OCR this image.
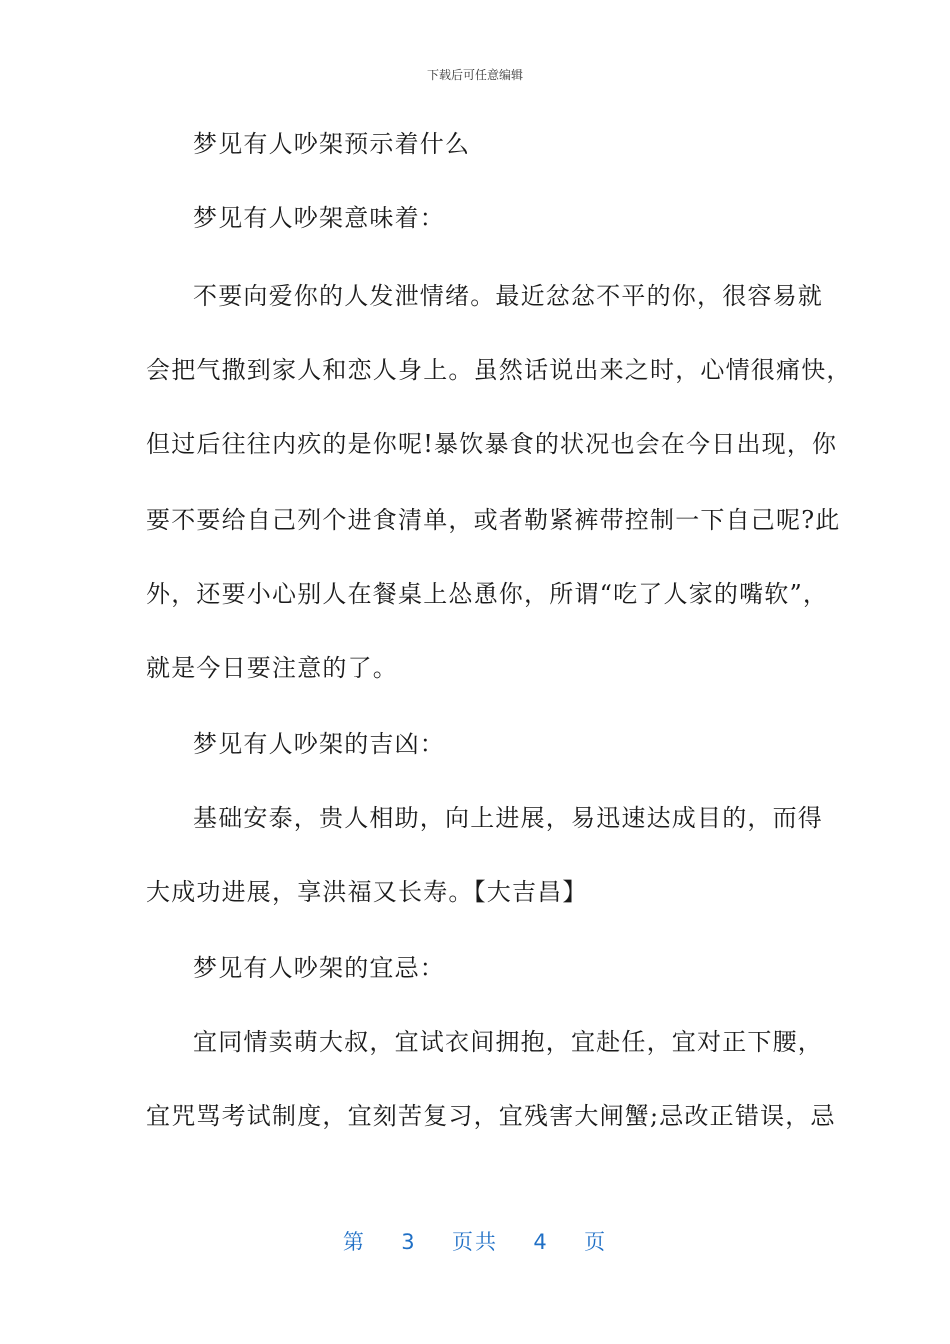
下载后可任意编辑
梦见有人吵架预示着什么
梦见有人吵架意味着：
不要向爱你的人发泄情绪。最近忿忿不平的你，很容易就
会把气撒到家人和恋人身上。虽然话说出来之时，心情很痛快，
但过后往往内疚的是你呢!暴饮暴食的状况也会在今日出现，你
要不要给自己列个进食清单，或者勒紧裤带控制一下自己呢?此
外，还要小心别人在餐桌上怂恿你，所谓“吃了人家的嘴软”，
就是今日要注意的了。
梦见有人吵架的吉凶：
基础安泰，贵人相助，向上进展，易迅速达成目的，而得
大成功进展，享洪福又长寿。【大吉昌】
梦见有人吵架的宜忌：
宜同情卖萌大叔，宜试衣间拥抱，宜赴任，宜对正下腰，
宜咒骂考试制度，宜刻苦复习，宜残害大闸蟹;忌改正错误，忌
第 3 页共 4 页
